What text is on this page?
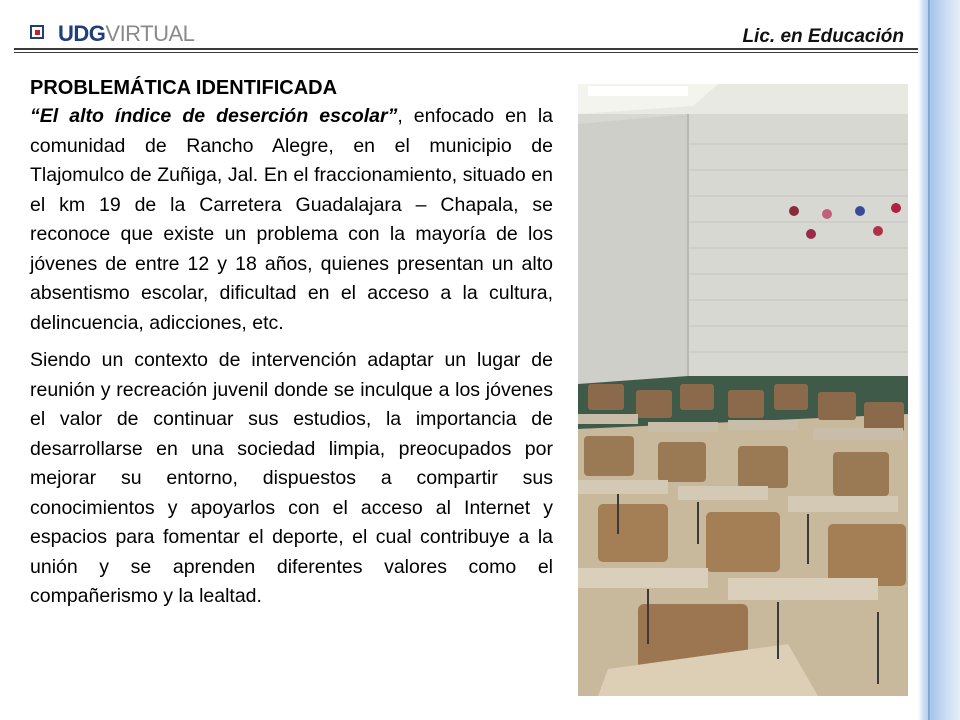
UDG VIRTUAL	Lic. en Educación
PROBLEMÁTICA IDENTIFICADA

“El alto índice de deserción escolar”, enfocado en la comunidad de Rancho Alegre, en el municipio de Tlajomulco de Zuñiga, Jal. En el fraccionamiento, situado en el km 19 de la Carretera Guadalajara – Chapala, se reconoce que existe un problema con la mayoría de los jóvenes de entre 12 y 18 años, quienes presentan un alto absentismo escolar, dificultad en el acceso a la cultura, delincuencia, adicciones, etc.

Siendo un contexto de intervención adaptar un lugar de reunión y recreación juvenil donde se inculque a los jóvenes el valor de continuar sus estudios, la importancia de desarrollarse en una sociedad limpia, preocupados por mejorar su entorno, dispuestos a compartir sus conocimientos y apoyarlos con el acceso al Internet y espacios para fomentar el deporte, el cual contribuye a la unión y se aprenden diferentes valores como el compañerismo y la lealtad.
